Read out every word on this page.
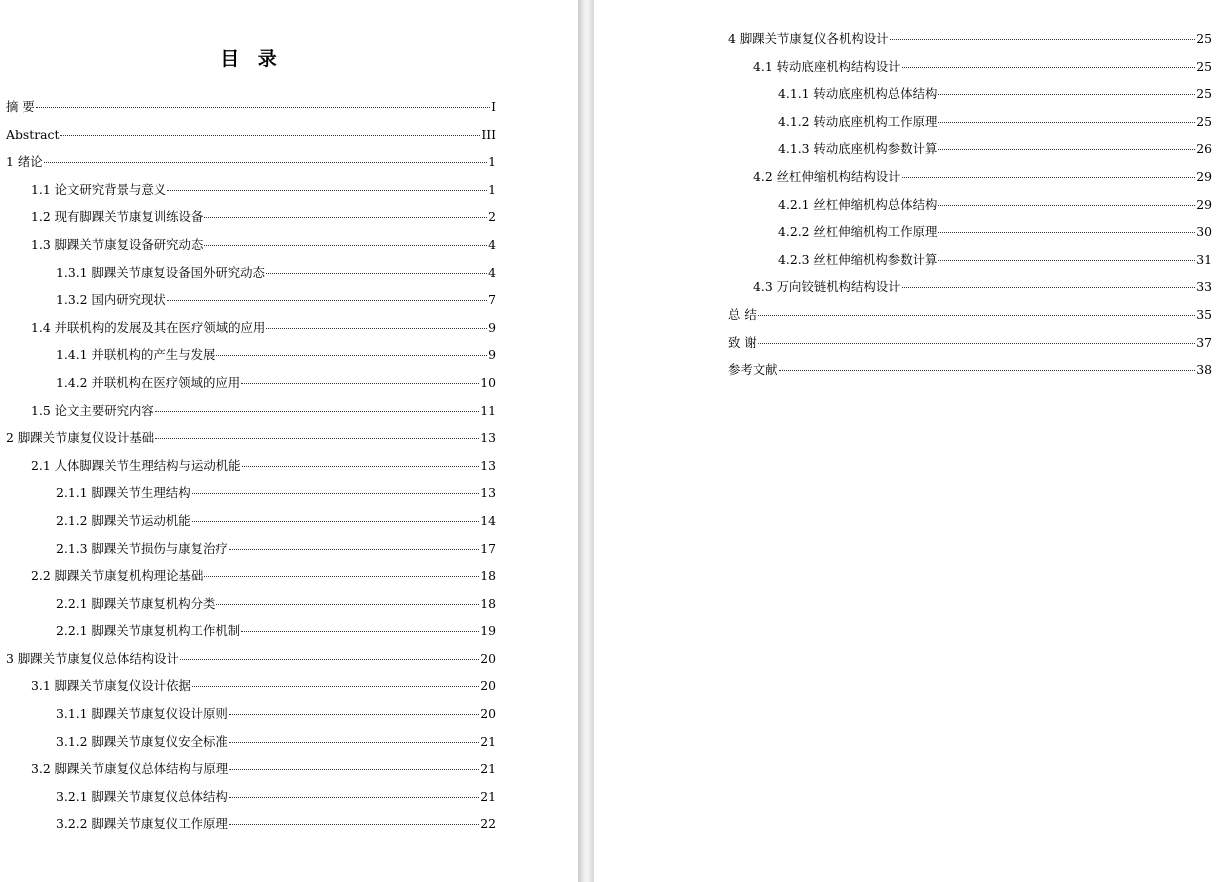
目 录
摘 要	I
Abstract	III
1 绪论	1
1.1 论文研究背景与意义	1
1.2 现有脚踝关节康复训练设备	2
1.3 脚踝关节康复设备研究动态	4
1.3.1 脚踝关节康复设备国外研究动态	4
1.3.2 国内研究现状	7
1.4 并联机构的发展及其在医疗领域的应用	9
1.4.1 并联机构的产生与发展	9
1.4.2 并联机构在医疗领域的应用	10
1.5 论文主要研究内容	11
2 脚踝关节康复仪设计基础	13
2.1 人体脚踝关节生理结构与运动机能	13
2.1.1 脚踝关节生理结构	13
2.1.2 脚踝关节运动机能	14
2.1.3 脚踝关节损伤与康复治疗	17
2.2 脚踝关节康复机构理论基础	18
2.2.1 脚踝关节康复机构分类	18
2.2.1 脚踝关节康复机构工作机制	19
3 脚踝关节康复仪总体结构设计	20
3.1 脚踝关节康复仪设计依据	20
3.1.1 脚踝关节康复仪设计原则	20
3.1.2 脚踝关节康复仪安全标准	21
3.2 脚踝关节康复仪总体结构与原理	21
3.2.1 脚踝关节康复仪总体结构	21
3.2.2 脚踝关节康复仪工作原理	22
4 脚踝关节康复仪各机构设计	25
4.1 转动底座机构结构设计	25
4.1.1 转动底座机构总体结构	25
4.1.2 转动底座机构工作原理	25
4.1.3 转动底座机构参数计算	26
4.2 丝杠伸缩机构结构设计	29
4.2.1 丝杠伸缩机构总体结构	29
4.2.2 丝杠伸缩机构工作原理	30
4.2.3 丝杠伸缩机构参数计算	31
4.3 万向铰链机构结构设计	33
总 结	35
致 谢	37
参考文献	38
